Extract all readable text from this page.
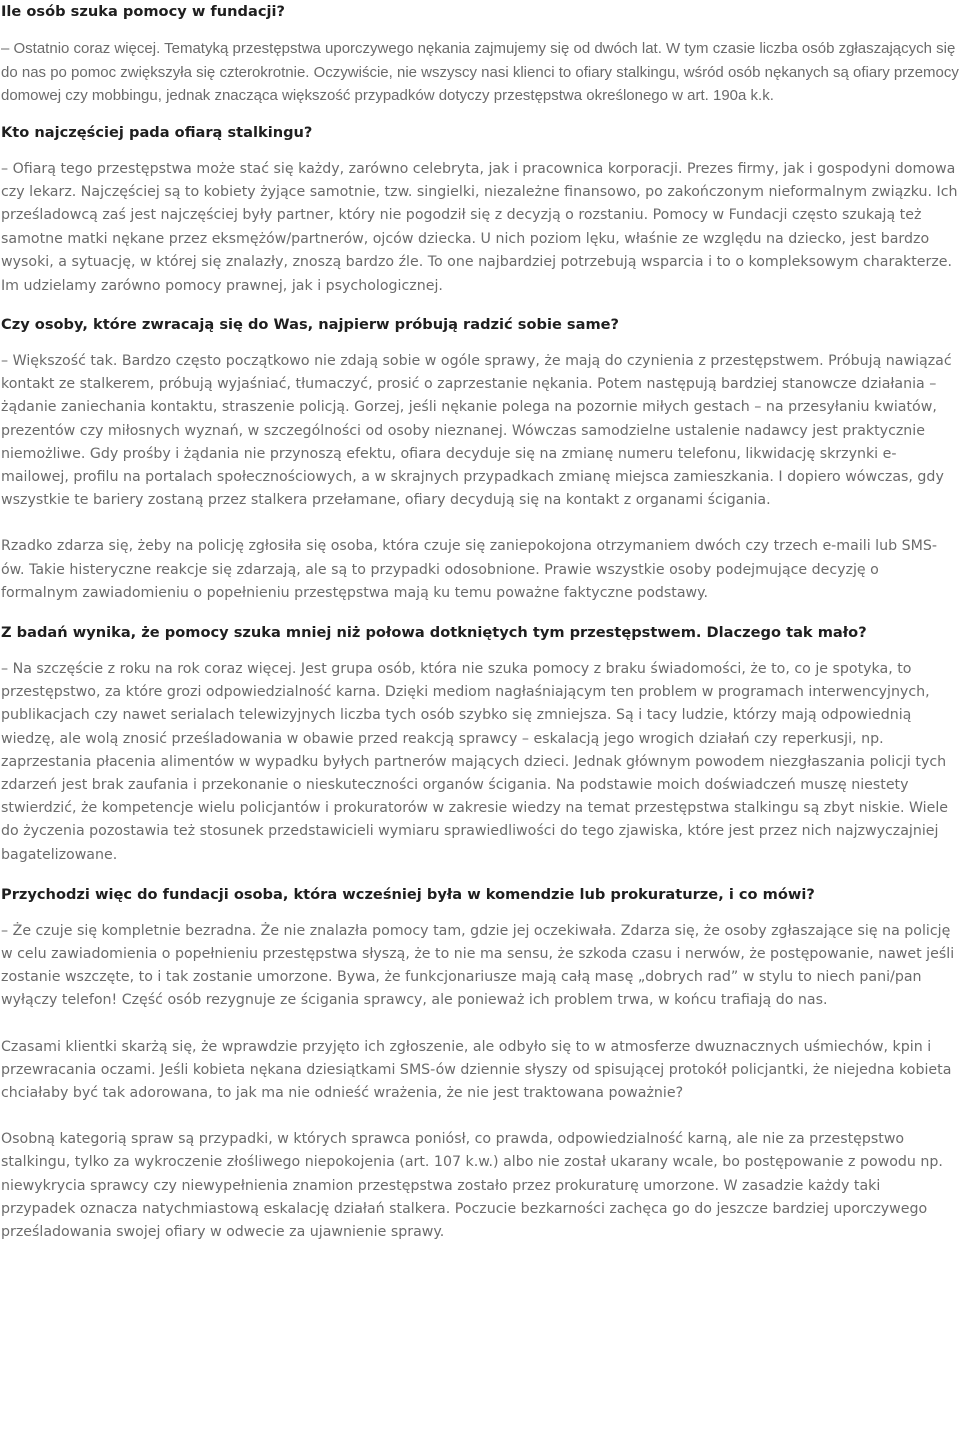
Ile osób szuka pomocy w fundacji?

– Ostatnio coraz więcej. Tematyką przestępstwa uporczywego nękania zajmujemy się od dwóch lat. W tym czasie liczba osób zgłaszających się do nas po pomoc zwiększyła się czterokrotnie. Oczywiście, nie wszyscy nasi klienci to ofiary stalkingu, wśród osób nękanych są ofiary przemocy domowej czy mobbingu, jednak znacząca większość przypadków dotyczy przestępstwa określonego w art. 190a k.k.

Kto najczęściej pada ofiarą stalkingu?

– Ofiarą tego przestępstwa może stać się każdy, zarówno celebryta, jak i pracownica korporacji. Prezes firmy, jak i gospodyni domowa czy lekarz. Najczęściej są to kobiety żyjące samotnie, tzw. singielki, niezależne finansowo, po zakończonym nieformalnym związku. Ich prześladowcą zaś jest najczęściej były partner, który nie pogodził się z decyzją o rozstaniu. Pomocy w Fundacji często szukają też samotne matki nękane przez eksmężów/partnerów, ojców dziecka. U nich poziom lęku, właśnie ze względu na dziecko, jest bardzo wysoki, a sytuację, w której się znalazły, znoszą bardzo źle. To one najbardziej potrzebują wsparcia i to o kompleksowym charakterze. Im udzielamy zarówno pomocy prawnej, jak i psychologicznej.

Czy osoby, które zwracają się do Was, najpierw próbują radzić sobie same?

– Większość tak. Bardzo często początkowo nie zdają sobie w ogóle sprawy, że mają do czynienia z przestępstwem. Próbują nawiązać kontakt ze stalkerem, próbują wyjaśniać, tłumaczyć, prosić o zaprzestanie nękania. Potem następują bardziej stanowcze działania – żądanie zaniechania kontaktu, straszenie policją. Gorzej, jeśli nękanie polega na pozornie miłych gestach – na przesyłaniu kwiatów, prezentów czy miłosnych wyznań, w szczególności od osoby nieznanej. Wówczas samodzielne ustalenie nadawcy jest praktycznie niemożliwe. Gdy prośby i żądania nie przynoszą efektu, ofiara decyduje się na zmianę numeru telefonu, likwidację skrzynki e-mailowej, profilu na portalach społecznościowych, a w skrajnych przypadkach zmianę miejsca zamieszkania. I dopiero wówczas, gdy wszystkie te bariery zostaną przez stalkera przełamane, ofiary decydują się na kontakt z organami ścigania.

Rzadko zdarza się, żeby na policję zgłosiła się osoba, która czuje się zaniepokojona otrzymaniem dwóch czy trzech e-maili lub SMS-ów. Takie histeryczne reakcje się zdarzają, ale są to przypadki odosobnione. Prawie wszystkie osoby podejmujące decyzję o formalnym zawiadomieniu o popełnieniu przestępstwa mają ku temu poważne faktyczne podstawy.

Z badań wynika, że pomocy szuka mniej niż połowa dotkniętych tym przestępstwem. Dlaczego tak mało?

– Na szczęście z roku na rok coraz więcej. Jest grupa osób, która nie szuka pomocy z braku świadomości, że to, co je spotyka, to przestępstwo, za które grozi odpowiedzialność karna. Dzięki mediom nagłaśniającym ten problem w programach interwencyjnych, publikacjach czy nawet serialach telewizyjnych liczba tych osób szybko się zmniejsza. Są i tacy ludzie, którzy mają odpowiednią wiedzę, ale wolą znosić prześladowania w obawie przed reakcją sprawcy – eskalacją jego wrogich działań czy reperkusji, np. zaprzestania płacenia alimentów w wypadku byłych partnerów mających dzieci. Jednak głównym powodem niezgłaszania policji tych zdarzeń jest brak zaufania i przekonanie o nieskuteczności organów ścigania. Na podstawie moich doświadczeń muszę niestety stwierdzić, że kompetencje wielu policjantów i prokuratorów w zakresie wiedzy na temat przestępstwa stalkingu są zbyt niskie. Wiele do życzenia pozostawia też stosunek przedstawicieli wymiaru sprawiedliwości do tego zjawiska, które jest przez nich najzwyczajniej bagatelizowane.

Przychodzi więc do fundacji osoba, która wcześniej była w komendzie lub prokuraturze, i co mówi?

– Że czuje się kompletnie bezradna. Że nie znalazła pomocy tam, gdzie jej oczekiwała. Zdarza się, że osoby zgłaszające się na policję w celu zawiadomienia o popełnieniu przestępstwa słyszą, że to nie ma sensu, że szkoda czasu i nerwów, że postępowanie, nawet jeśli zostanie wszczęte, to i tak zostanie umorzone. Bywa, że funkcjonariusze mają całą masę „dobrych rad” w stylu to niech pani/pan wyłączy telefon! Część osób rezygnuje ze ścigania sprawcy, ale ponieważ ich problem trwa, w końcu trafiają do nas.

Czasami klientki skarżą się, że wprawdzie przyjęto ich zgłoszenie, ale odbyło się to w atmosferze dwuznacznych uśmiechów, kpin i przewracania oczami. Jeśli kobieta nękana dziesiątkami SMS-ów dziennie słyszy od spisującej protokół policjantki, że niejedna kobieta chciałaby być tak adorowana, to jak ma nie odnieść wrażenia, że nie jest traktowana poważnie?

Osobną kategorią spraw są przypadki, w których sprawca poniósł, co prawda, odpowiedzialność karną, ale nie za przestępstwo stalkingu, tylko za wykroczenie złośliwego niepokojenia (art. 107 k.w.) albo nie został ukarany wcale, bo postępowanie z powodu np. niewykrycia sprawcy czy niewypełnienia znamion przestępstwa zostało przez prokuraturę umorzone. W zasadzie każdy taki przypadek oznacza natychmiastową eskalację działań stalkera. Poczucie bezkarności zachęca go do jeszcze bardziej uporczywego prześladowania swojej ofiary w odwecie za ujawnienie sprawy.
